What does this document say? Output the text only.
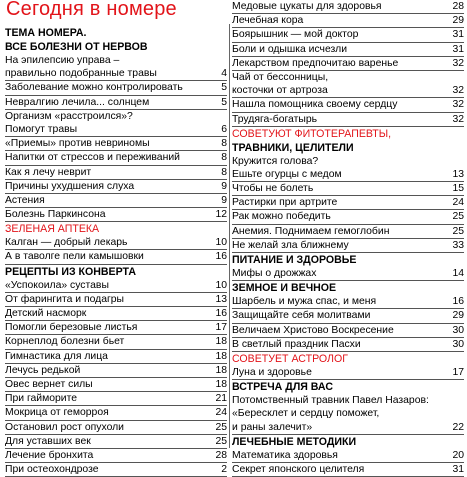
Сегодня в номере
ТЕМА НОМЕРА.
ВСЕ БОЛЕЗНИ ОТ НЕРВОВ
На эпилепсию управа –
правильно подобранные травы	4
Заболевание можно контролировать	5
Невралгию лечила... солнцем	5
Организм «расстроился»?
Помогут травы	6
«Приемы» против невриномы	8
Напитки от стрессов и переживаний	8
Как я лечу неврит	8
Причины ухудшения слуха	9
Астения	9
Болезнь Паркинсона	12
ЗЕЛЕНАЯ АПТЕКА
Калган — добрый лекарь	10
А в таволге пели камышовки	16
РЕЦЕПТЫ ИЗ КОНВЕРТА
«Успокоила» суставы	10
От фарингита и подагры	13
Детский насморк	16
Помогли березовые листья	17
Корнеплод болезни бьет	18
Гимнастика для лица	18
Лечусь редькой	18
Овес вернет силы	18
При гайморите	21
Мокрица от геморроя	24
Остановил рост опухоли	25
Для уставших век	25
Лечение бронхита	28
При остеохондрозе	2
Медовые цукаты для здоровья	28
Лечебная кора	29
Боярышник — мой доктор	31
Боли и одышка исчезли	31
Лекарством предпочитаю варенье	32
Чай от бессонницы,
косточки от артроза	32
Нашла помощника своему сердцу	32
Трудяга-богатырь	32
СОВЕТУЮТ ФИТОТЕРАПЕВТЫ,
ТРАВНИКИ, ЦЕЛИТЕЛИ
Кружится голова?
Ешьте огурцы с медом	13
Чтобы не болеть	15
Растирки при артрите	24
Рак можно победить	25
Анемия. Поднимаем гемоглобин	25
Не желай зла ближнему	33
ПИТАНИЕ И ЗДОРОВЬЕ
Мифы о дрожжах	14
ЗЕМНОЕ И ВЕЧНОЕ
Шарбель и мужа спас, и меня	16
Защищайте себя молитвами	29
Величаем Христово Воскресение	30
В светлый праздник Пасхи	30
СОВЕТУЕТ АСТРОЛОГ
Луна и здоровье	17
ВСТРЕЧА ДЛЯ ВАС
Потомственный травник Павел Назаров:
«Бересклет и сердцу поможет,
и раны залечит»	22
ЛЕЧЕБНЫЕ МЕТОДИКИ
Математика здоровья	20
Секрет японского целителя	31
